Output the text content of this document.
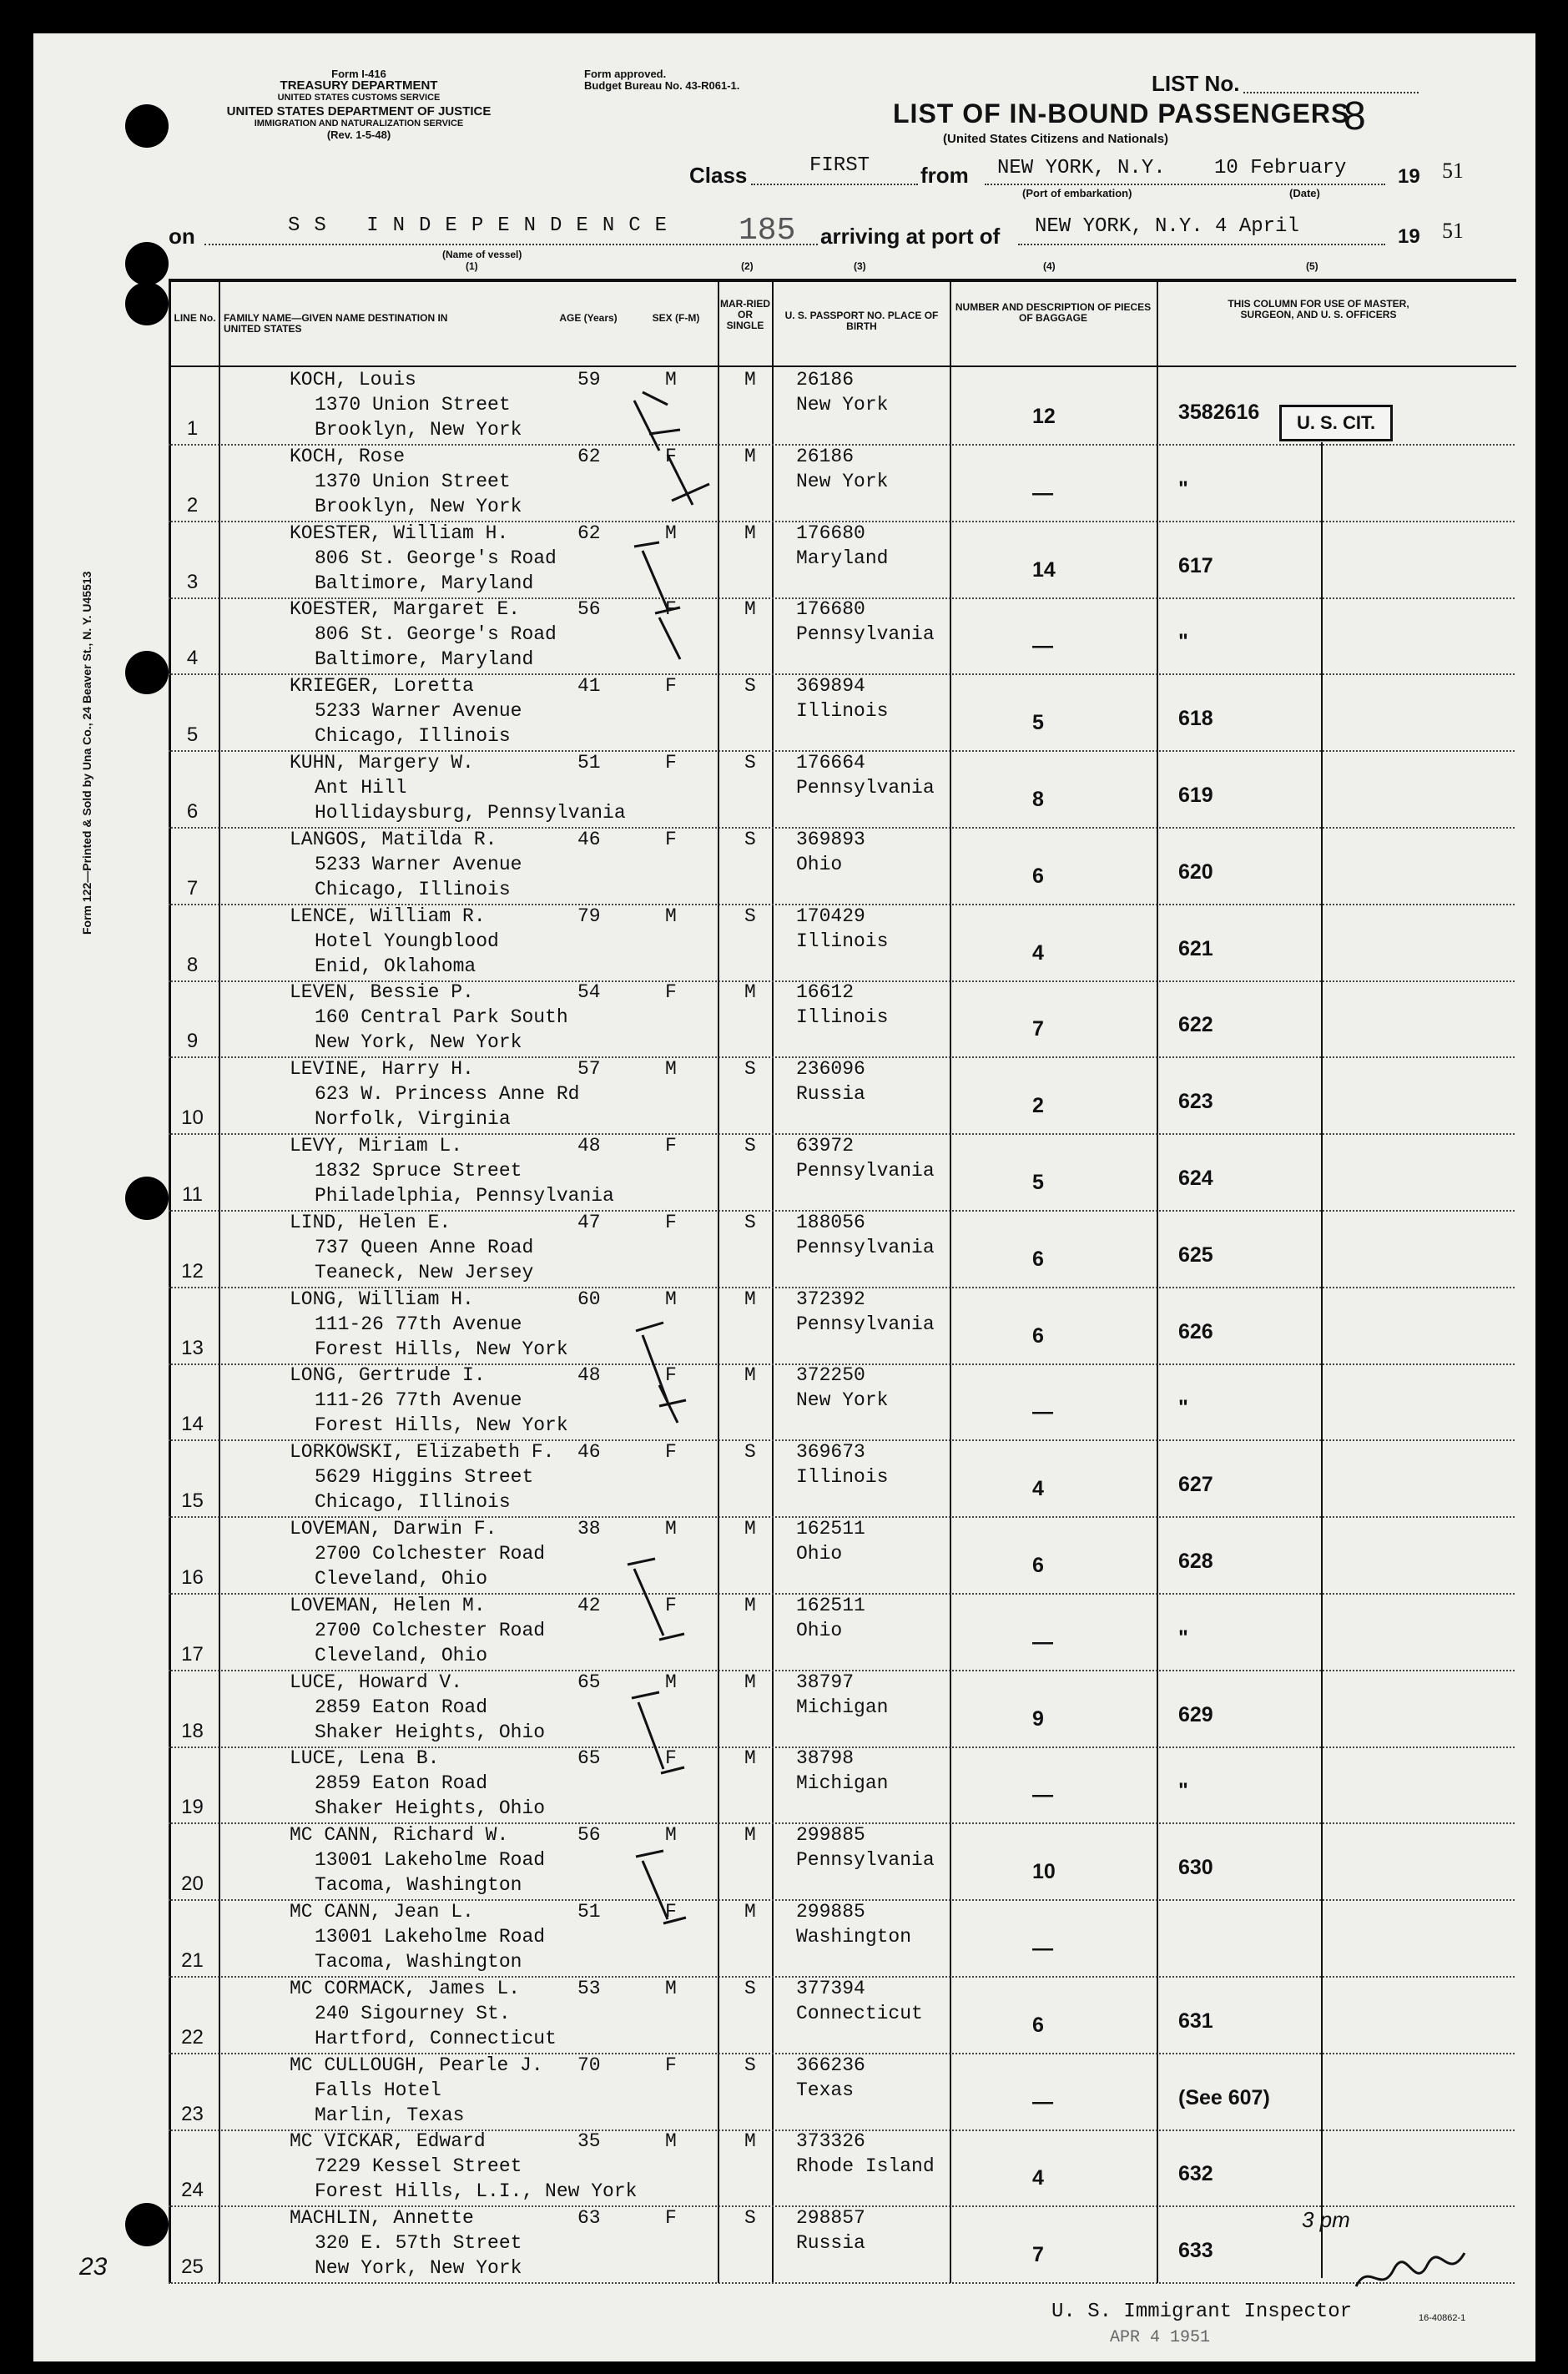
Form I-416
TREASURY DEPARTMENT
UNITED STATES CUSTOMS SERVICE
UNITED STATES DEPARTMENT OF JUSTICE
IMMIGRATION AND NATURALIZATION SERVICE
(Rev. 1-5-48)
Form approved.
Budget Bureau No. 43-R061-1.	LIST No.
8
LIST OF IN-BOUND PASSENGERS
(United States Citizens and Nationals)
Class	FIRST from NEW YORK, N.Y. 10 February
(Port of embarkation)	(Date)
19 51
on	SS INDEPENDENCE 185
(Name of vessel)
arriving at port of NEW YORK, N.Y. 4 April	19 51
(1)	(2)	(3)	(4)	(5)
LINE No. FAMILY NAME—GIVEN NAME DESTINATION IN UNITED STATES
AGE (Years)	SEX (F-M)
MAR-RIED OR SINGLE
U. S. PASSPORT NO. PLACE OF BIRTH
NUMBER AND DESCRIPTION OF PIECES OF BAGGAGE
THIS COLUMN FOR USE OF MASTER, SURGEON, AND U. S. OFFICERS
Form 122—Printed & Sold by Una Co., 24 Beaver St., N. Y. U45513
U. S. CIT.
1
KOCH, Louis
1370 Union Street
Brooklyn, New York
59	M	M 26186
New York	12	3582616
2
KOCH, Rose
1370 Union Street
Brooklyn, New York
62	F	M 26186
New York	—	"
3
KOESTER, William H.
806 St. George's Road
Baltimore, Maryland
62	M	M 176680
Maryland	14	617
4
KOESTER, Margaret E.
806 St. George's Road
Baltimore, Maryland
56	F	M 176680
Pennsylvania	—	"
5
KRIEGER, Loretta
5233 Warner Avenue
Chicago, Illinois
41	F	S 369894
Illinois	5	618
6
KUHN, Margery W.
Ant Hill
Hollidaysburg, Pennsylvania
51	F	S 176664
Pennsylvania	8	619
7
LANGOS, Matilda R.
5233 Warner Avenue
Chicago, Illinois
46	F	S 369893
Ohio	6	620
8
LENCE, William R.
Hotel Youngblood
Enid, Oklahoma
79	M	S 170429
Illinois	4	621
9
LEVEN, Bessie P.
160 Central Park South
New York, New York
54	F	M 16612
Illinois	7	622
10
LEVINE, Harry H.
623 W. Princess Anne Rd
Norfolk, Virginia
57	M	S 236096
Russia	2	623
11
LEVY, Miriam L.
1832 Spruce Street
Philadelphia, Pennsylvania
48	F	S 63972
Pennsylvania	5	624
12
LIND, Helen E.
737 Queen Anne Road
Teaneck, New Jersey
47	F	S 188056
Pennsylvania	6	625
13
LONG, William H.
111-26 77th Avenue
Forest Hills, New York
60	M	M 372392
Pennsylvania	6	626
14
LONG, Gertrude I.
111-26 77th Avenue
Forest Hills, New York
48	F	M 372250
New York	—	"
15
LORKOWSKI, Elizabeth F.
5629 Higgins Street
Chicago, Illinois
46	F	S 369673
Illinois	4	627
16
LOVEMAN, Darwin F.
2700 Colchester Road
Cleveland, Ohio
38	M	M 162511
Ohio	6	628
17
LOVEMAN, Helen M.
2700 Colchester Road
Cleveland, Ohio
42	F	M 162511
Ohio	—	"
18
LUCE, Howard V.
2859 Eaton Road
Shaker Heights, Ohio
65	M	M 38797
Michigan	9	629
19
LUCE, Lena B.
2859 Eaton Road
Shaker Heights, Ohio
65	F	M 38798
Michigan	—	"
20
MC CANN, Richard W.
13001 Lakeholme Road
Tacoma, Washington
56	M	M 299885
Pennsylvania	10	630
21
MC CANN, Jean L.
13001 Lakeholme Road
Tacoma, Washington
51	F	M 299885
Washington	—
22
MC CORMACK, James L.
240 Sigourney St.
Hartford, Connecticut
53	M	S 377394
Connecticut	6	631
23
MC CULLOUGH, Pearle J.
Falls Hotel
Marlin, Texas
70	F	S 366236
Texas	—	(See 607)
24
MC VICKAR, Edward
7229 Kessel Street
Forest Hills, L.I., New York
35	M	M 373326
Rhode Island	4	632
25
MACHLIN, Annette
320 E. 57th Street
New York, New York
63	F	S 298857
Russia	7	633
U. S. Immigrant Inspector
APR 4 1951
16-40862-1
23
3 pm
